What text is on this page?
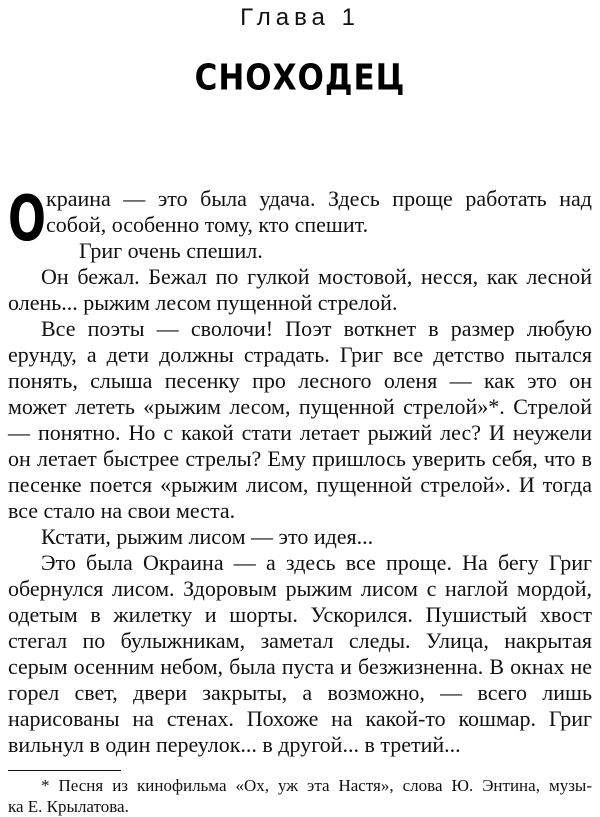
Глава 1
СНОХОДЕЦ

Окраина — это была удача. Здесь проще работать над собой, особенно тому, кто спешит.

Григ очень спешил.

Он бежал. Бежал по гулкой мостовой, несся, как лесной олень... рыжим лесом пущенной стрелой.

Все поэты — сволочи! Поэт воткнет в размер любую ерунду, а дети должны страдать. Григ все детство пытался понять, слыша песенку про лесного оленя — как это он может лететь «рыжим лесом, пущенной стрелой»*. Стрелой — понятно. Но с какой стати летает рыжий лес? И неужели он летает быстрее стрелы? Ему пришлось уверить себя, что в песенке поется «рыжим лисом, пущенной стрелой». И тогда все стало на свои места.

Кстати, рыжим лисом — это идея...

Это была Окраина — а здесь все проще. На бегу Григ обернулся лисом. Здоровым рыжим лисом с наглой мордой, одетым в жилетку и шорты. Ускорился. Пушистый хвост стегал по булыжникам, заметал следы. Улица, накрытая серым осенним небом, была пуста и безжизненна. В окнах не горел свет, двери закрыты, а возможно, — всего лишь нарисованы на стенах. Похоже на какой-то кошмар. Григ вильнул в один переулок... в другой... в третий...

* Песня из кинофильма «Ох, уж эта Настя», слова Ю. Энтина, музы-
ка Е. Крылатова.
